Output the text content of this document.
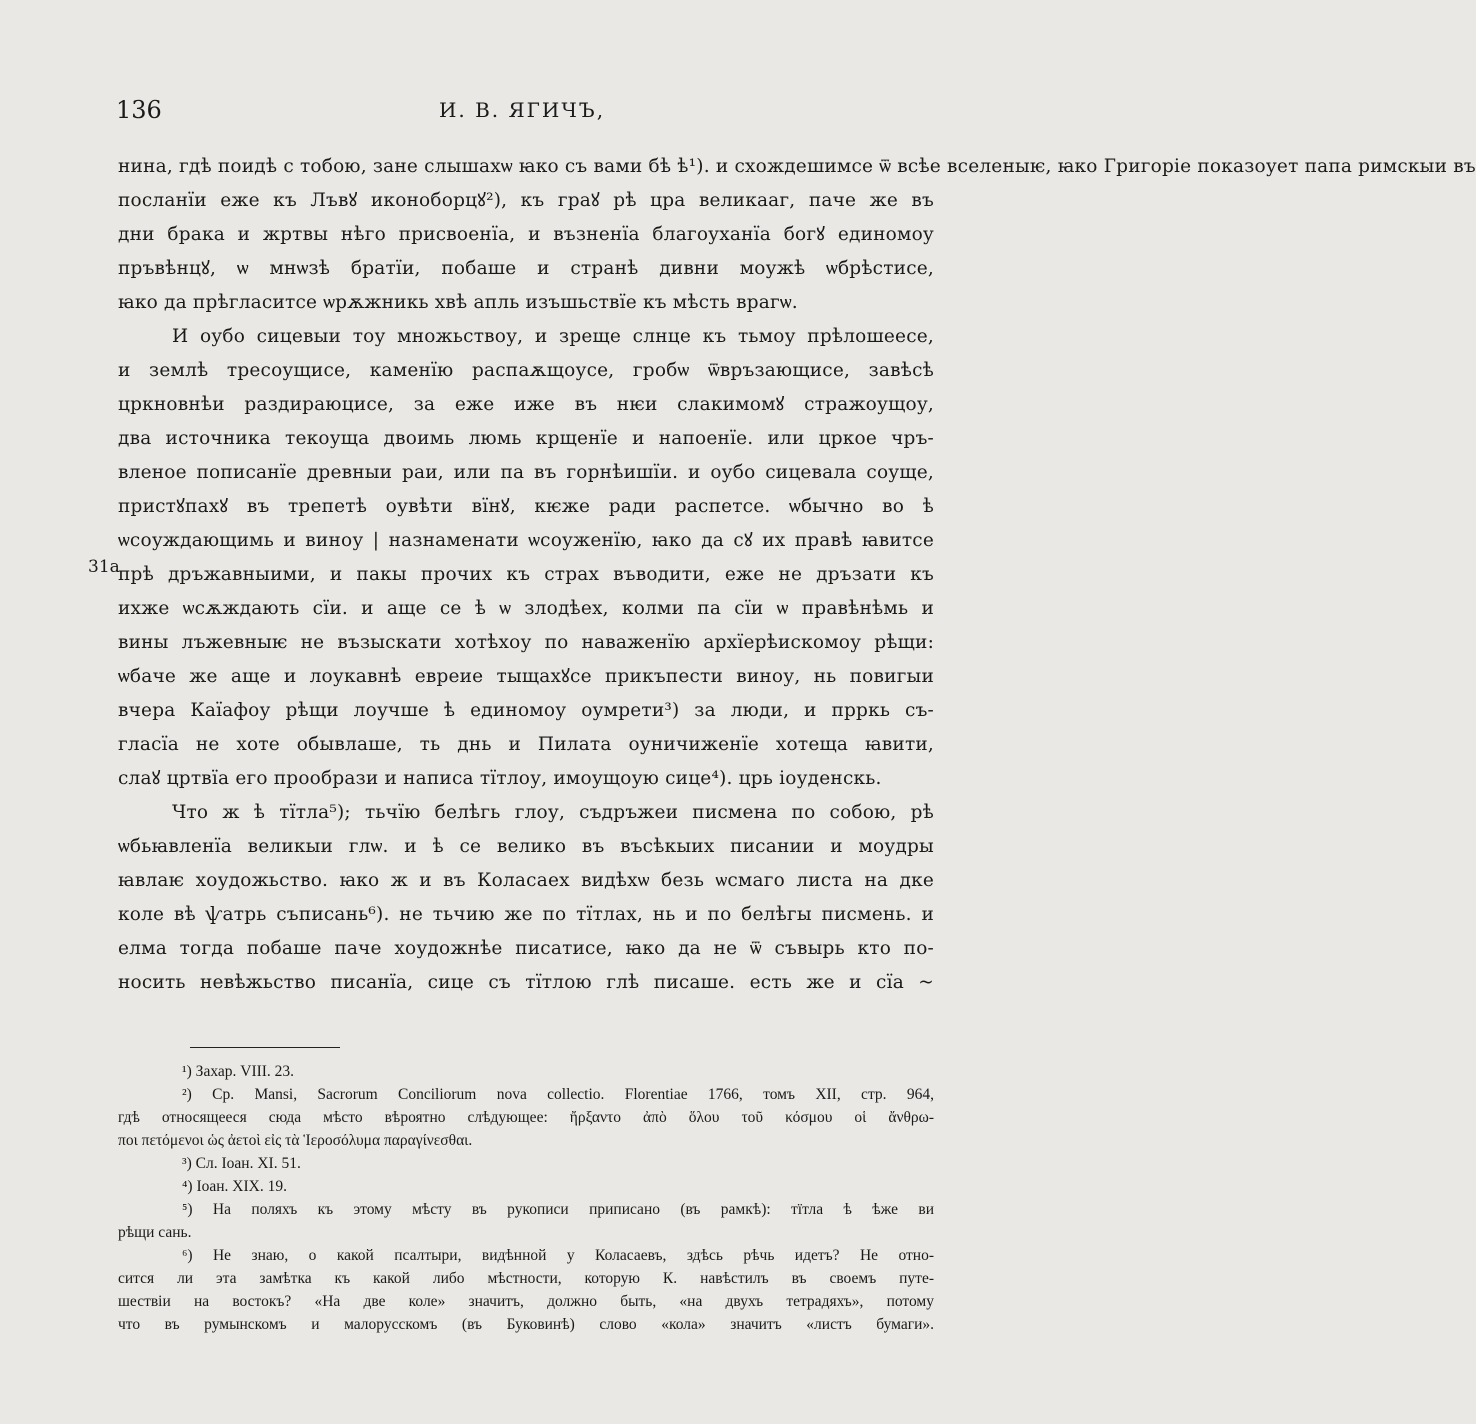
136	И. В. ЯГИЧЪ,
31a
нина, гдѣ поидѣ с тобою, зане слышахѡ ꙗко съ вами бѣ ѣ¹). и схождешимсе ѿ всѣе вселеныѥ, ꙗко Григоріе показоует папа римскыи въ
посланїи еже къ Лъвꙋ иконоборцꙋ²), къ граꙋ рѣ цра великааг, паче же въ
дни брака и жртвы нѣго присвоенїа, и възненїа благоуханїа богꙋ единомоу
пръвѣнцꙋ, ѡ мнѡзѣ братїи, побаше и странѣ дивни моужѣ ѡбрѣстисе,
ꙗко да прѣгласитсе ѡрѫжникь хвѣ апль изъшьствїе къ мѣсть врагѡ.
И оубо сицевыи тоу множьствоу, и зреще слнце къ тьмоу прѣлошеесе,
и землѣ тресоущисе, каменїю распаѫщоусе, гробѡ ѿвръзающисе, завѣсѣ
цркновнѣи раздираюцисе, за еже иже въ нѥи слакимомꙋ стражоущоу,
два источника текоуща двоимь люмь крщенїе и напоенїе. или цркое чръ-
вленое пописанїе древныи раи, или па въ горнѣишїи. и оубо сицевала соуще,
пристꙋпахꙋ въ трепетѣ оувѣти вїнꙋ, кѥже ради распетсе. ѡбычно во ѣ
ѡсоуждающимь и виноу | назнаменати ѡсоуженїю, ꙗко да сꙋ их правѣ ꙗвитсе
прѣ дръжавныими, и пакы прочих къ страх въводити, еже не дръзати къ
ихже ѡсѫждають сїи. и аще се ѣ ѡ злодѣех, колми па сїи ѡ правѣнѣмь и
вины лъжевныѥ не възыскати хотѣхоу по наваженїю архїерѣискомоу рѣщи:
ѡбаче же аще и лоукавнѣ евреие тыщахꙋсе прикъпести виноу, нь повигыи
вчера Каїафоу рѣщи лоучше ѣ единомоу оумрети³) за люди, и прркь съ-
гласїа не хоте обывлаше, ть днь и Пилата оуничиженїе хотеща ꙗвити,
слаꙋ цртвїа его прообрази и написа тїтлоу, имоущоую сице⁴). црь іоуденскь.
Что ж ѣ тїтла⁵); тьчїю белѣгь глоу, съдръжеи писмена по собою, рѣ
ѡбьꙗвленїа великыи глѡ. и ѣ се велико въ въсѣкыих писании и моудры
ꙗвлаѥ хоудожьство. ꙗко ж и въ Коласаех видѣхѡ безь ѡсмаго листа на дке
коле вѣ ѱатрь съписань⁶). не тьчию же по тїтлах, нь и по белѣгы писмень. и
елма тогда побаше паче хоудожнѣе писатисе, ꙗко да не ѿ съвырь кто по-
носить невѣжьство писанїа, сице съ тїтлою глѣ писаше. есть же и сїа ~
¹) Захар. VIII. 23.
²) Ср. Mansi, Sacrorum Conciliorum nova collectio. Florentiae 1766, томъ XII, стр. 964,
гдѣ относящееся сюда мѣсто вѣроятно слѣдующее: ἤρξαντο ἀπὸ ὅλου τοῦ κόσμου οἱ ἄνθρω-
ποι πετόμενοι ὡς ἀετοὶ εἰς τὰ Ἱεροσόλυμα παραγίνεσθαι.
³) Сл. Іоан. XI. 51.
⁴) Іоан. XIX. 19.
⁵) На поляхъ къ этому мѣсту въ рукописи приписано (въ рамкѣ): тїтла ѣ ѣже ви
рѣщи сань.
⁶) Не знаю, о какой псалтыри, видѣнной у Коласаевъ, здѣсь рѣчь идетъ? Не отно-
сится ли эта замѣтка къ какой либо мѣстности, которую К. навѣстилъ въ своемъ путе-
шествіи на востокъ? «На две коле» значитъ, должно быть, «на двухъ тетрадяхъ», потому
что въ румынскомъ и малорусскомъ (въ Буковинѣ) слово «кола» значитъ «листъ бумаги».
